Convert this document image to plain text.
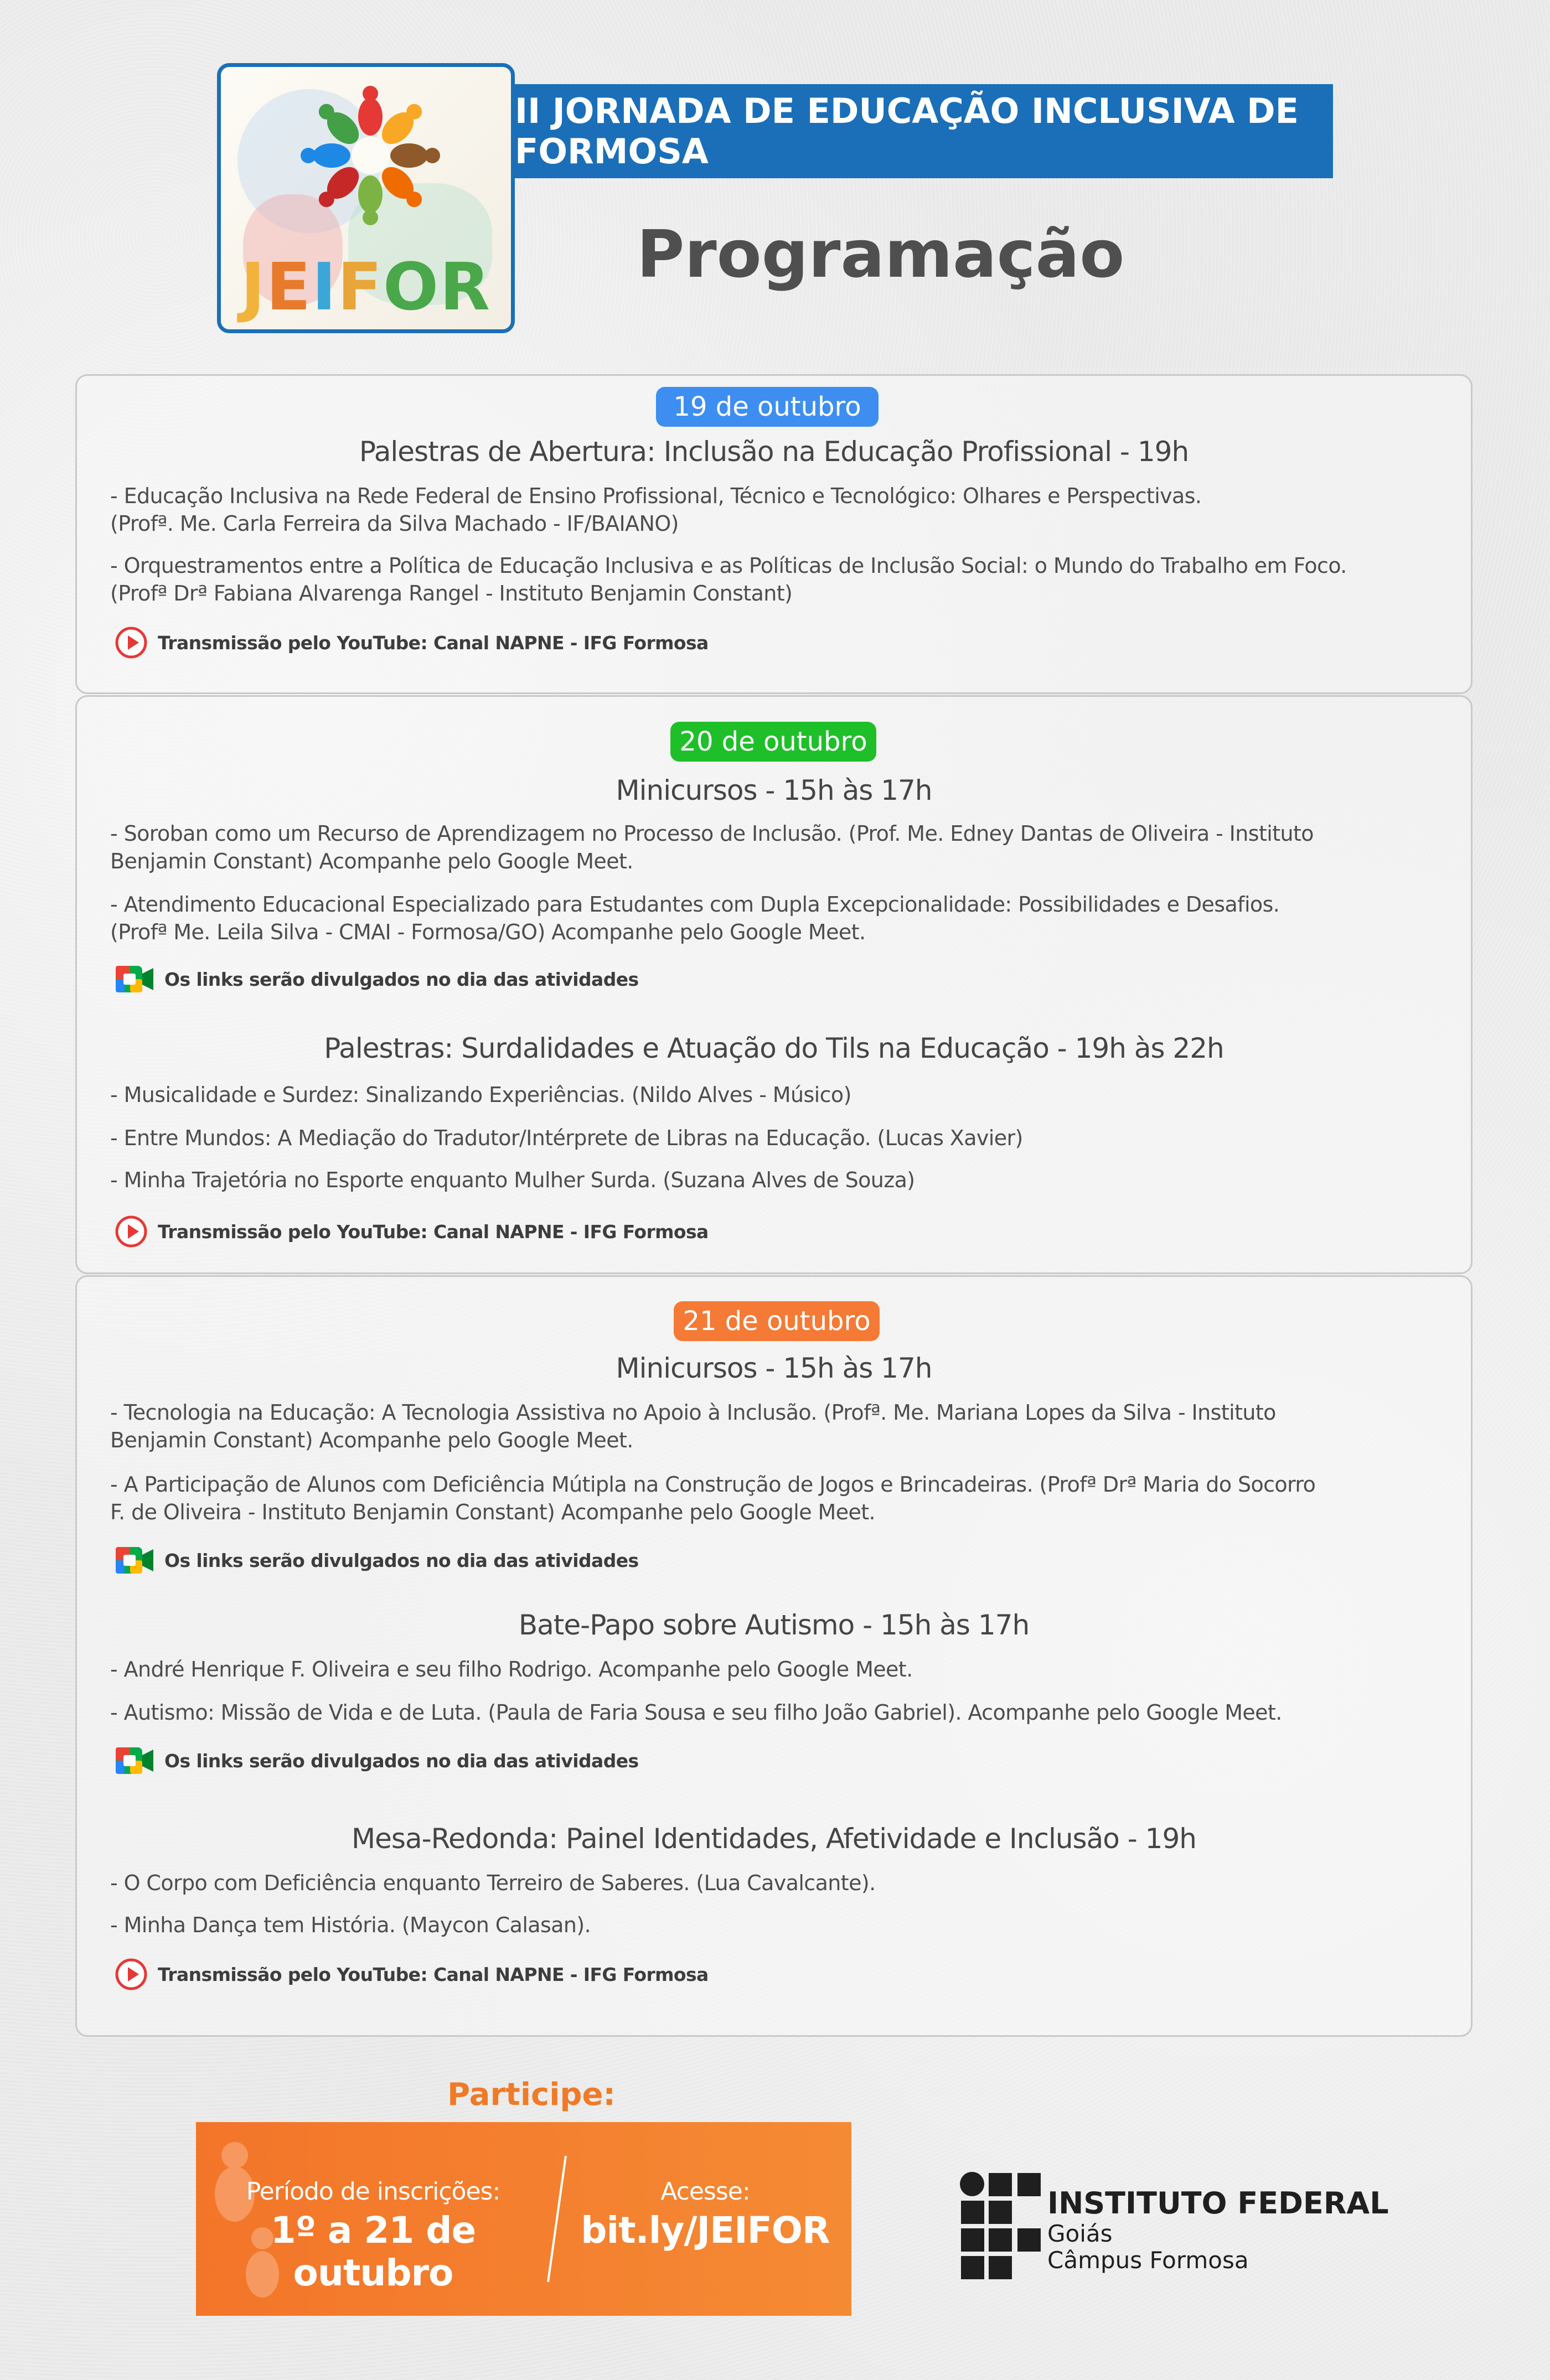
JEIFOR
II JORNADA DE EDUCAÇÃO INCLUSIVA DE FORMOSA
Programação
19 de outubro
Palestras de Abertura: Inclusão na Educação Profissional - 19h
- Educação Inclusiva na Rede Federal de Ensino Profissional, Técnico e Tecnológico: Olhares e Perspectivas.
(Profª. Me. Carla Ferreira da Silva Machado - IF/BAIANO)
- Orquestramentos entre a Política de Educação Inclusiva e as Políticas de Inclusão Social: o Mundo do Trabalho em Foco.
(Profª Drª Fabiana Alvarenga Rangel - Instituto Benjamin Constant)
Transmissão pelo YouTube: Canal NAPNE - IFG Formosa
20 de outubro
Minicursos - 15h às 17h
- Soroban como um Recurso de Aprendizagem no Processo de Inclusão. (Prof. Me. Edney Dantas de Oliveira - Instituto
Benjamin Constant) Acompanhe pelo Google Meet.
- Atendimento Educacional Especializado para Estudantes com Dupla Excepcionalidade: Possibilidades e Desafios.
(Profª Me. Leila Silva - CMAI - Formosa/GO) Acompanhe pelo Google Meet.
Os links serão divulgados no dia das atividades
Palestras: Surdalidades e Atuação do Tils na Educação - 19h às 22h
- Musicalidade e Surdez: Sinalizando Experiências. (Nildo Alves - Músico)
- Entre Mundos: A Mediação do Tradutor/Intérprete de Libras na Educação. (Lucas Xavier)
- Minha Trajetória no Esporte enquanto Mulher Surda. (Suzana Alves de Souza)
Transmissão pelo YouTube: Canal NAPNE - IFG Formosa
21 de outubro
Minicursos - 15h às 17h
- Tecnologia na Educação: A Tecnologia Assistiva no Apoio à Inclusão. (Profª. Me. Mariana Lopes da Silva - Instituto
Benjamin Constant) Acompanhe pelo Google Meet.
- A Participação de Alunos com Deficiência Mútipla na Construção de Jogos e Brincadeiras. (Profª Drª Maria do Socorro
F. de Oliveira - Instituto Benjamin Constant) Acompanhe pelo Google Meet.
Os links serão divulgados no dia das atividades
Bate-Papo sobre Autismo - 15h às 17h
- André Henrique F. Oliveira e seu filho Rodrigo. Acompanhe pelo Google Meet.
- Autismo: Missão de Vida e de Luta. (Paula de Faria Sousa e seu filho João Gabriel). Acompanhe pelo Google Meet.
Os links serão divulgados no dia das atividades
Mesa-Redonda: Painel Identidades, Afetividade e Inclusão - 19h
- O Corpo com Deficiência enquanto Terreiro de Saberes. (Lua Cavalcante).
- Minha Dança tem História. (Maycon Calasan).
Transmissão pelo YouTube: Canal NAPNE - IFG Formosa
Participe:
Período de inscrições:
1º a 21 de outubro
Acesse:
bit.ly/JEIFOR
INSTITUTO FEDERAL
Goiás
Câmpus Formosa
